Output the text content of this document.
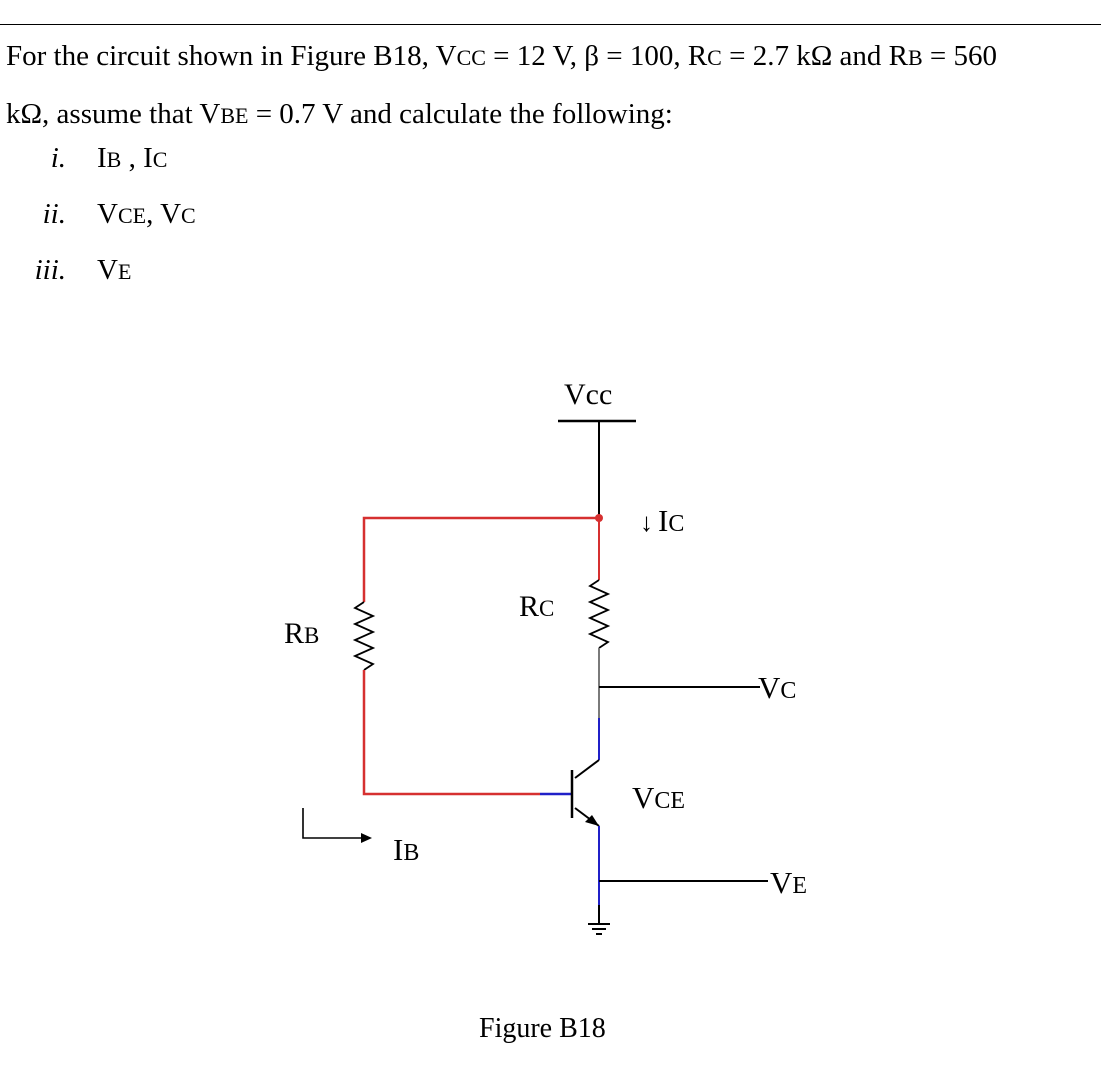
For the circuit shown in Figure B18, VCC = 12 V, β = 100, RC = 2.7 kΩ and RB = 560
kΩ, assume that VBE = 0.7 V and calculate the following:

i. IB , IC
ii. VCE, VC
iii. VE
Vcc
↓ IC
RB
RC
VC
VCE
IB
VE
Figure B18
